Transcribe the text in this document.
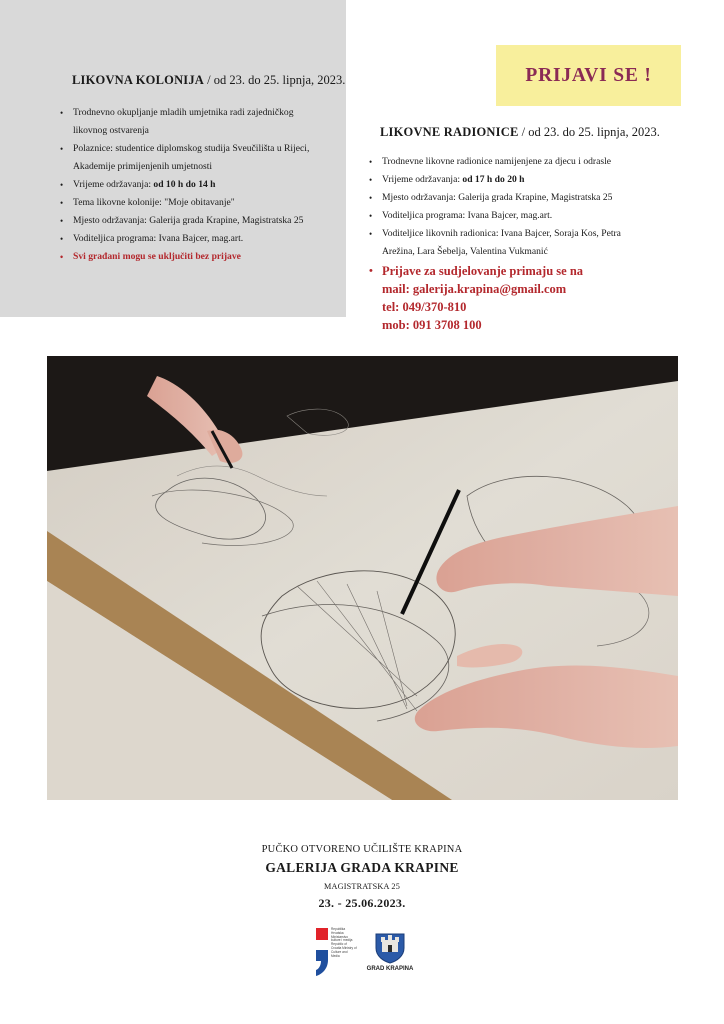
LIKOVNA KOLONIJA / od 23. do 25. lipnja, 2023.
• Trodnevno okupljanje mladih umjetnika radi zajedničkog
likovnog ostvarenja
• Polaznice: studentice diplomskog studija Sveučilišta u Rijeci,
Akademije primijenjenih umjetnosti
• Vrijeme održavanja: od 10 h do 14 h
• Tema likovne kolonije: "Moje obitavanje"
• Mjesto održavanja: Galerija grada Krapine, Magistratska 25
• Voditeljica programa: Ivana Bajcer, mag.art.
• Svi građani mogu se uključiti bez prijave
PRIJAVI SE !
LIKOVNE RADIONICE / od 23. do 25. lipnja, 2023.
• Trodnevne likovne radionice namijenjene za djecu i odrasle
• Vrijeme održavanja: od 17 h do 20 h
• Mjesto održavanja: Galerija grada Krapine, Magistratska 25
• Voditeljica programa: Ivana Bajcer, mag.art.
• Voditeljice likovnih radionica: Ivana Bajcer, Soraja Kos, Petra
Arežina, Lara Šebelja, Valentina Vukmanić
• Prijave za sudjelovanje primaju se na
mail: galerija.krapina@gmail.com
tel: 049/370-810
mob: 091 3708 100
PUČKO OTVORENO UČILIŠTE KRAPINA
GALERIJA GRADA KRAPINE
MAGISTRATSKA 25
23. - 25.06.2023.
Republika Hrvatska Ministarstvo kulture i medija Republic of Croatia Ministry of Culture and Media
GRAD KRAPINA
